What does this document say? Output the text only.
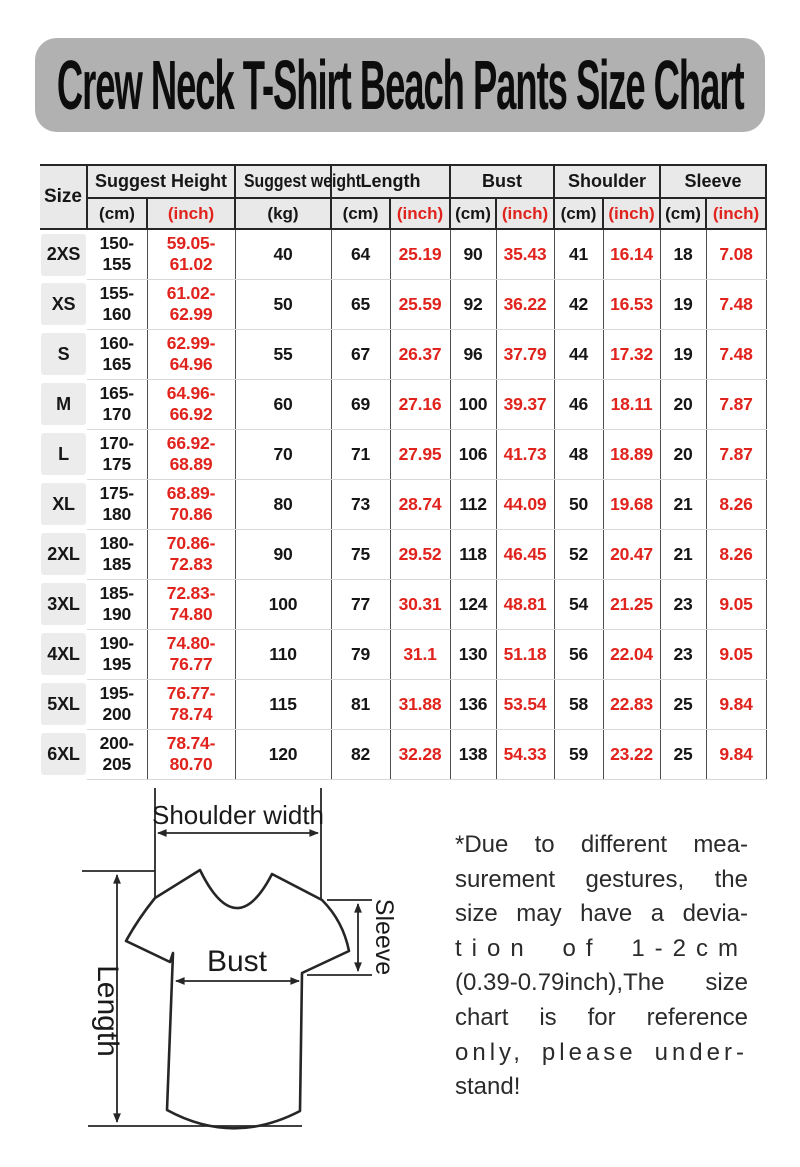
Crew Neck T-Shirt Beach Pants Size Chart
Size	Suggest Height		Suggest weight	Length		Bust		Shoulder		Sleeve	
	(cm)	(inch)	(kg)	(cm)	(inch)	(cm)	(inch)	(cm)	(inch)	(cm)	(inch)

2XS	150-155	59.05-61.02	40	64	25.19	90	35.43	41	16.14	18	7.08

XS	155-160	61.02-62.99	50	65	25.59	92	36.22	42	16.53	19	7.48

S	160-165	62.99-64.96	55	67	26.37	96	37.79	44	17.32	19	7.48

M	165-170	64.96-66.92	60	69	27.16	100	39.37	46	18.11	20	7.87

L	170-175	66.92-68.89	70	71	27.95	106	41.73	48	18.89	20	7.87

XL	175-180	68.89-70.86	80	73	28.74	112	44.09	50	19.68	21	8.26

2XL	180-185	70.86-72.83	90	75	29.52	118	46.45	52	20.47	21	8.26

3XL	185-190	72.83-74.80	100	77	30.31	124	48.81	54	21.25	23	9.05

4XL	190-195	74.80-76.77	110	79	31.1	130	51.18	56	22.04	23	9.05

5XL	195-200	76.77-78.74	115	81	31.88	136	53.54	58	22.83	25	9.84

6XL	200-205	78.74-80.70	120	82	32.28	138	54.33	59	23.22	25	9.84
Shoulder width
Bust
Length
Sleeve
*Due to different mea-
surement gestures, the
size may have a devia-
tion of 1-2cm
(0.39-0.79inch),The size
chart is for reference
only, please under-
stand!
